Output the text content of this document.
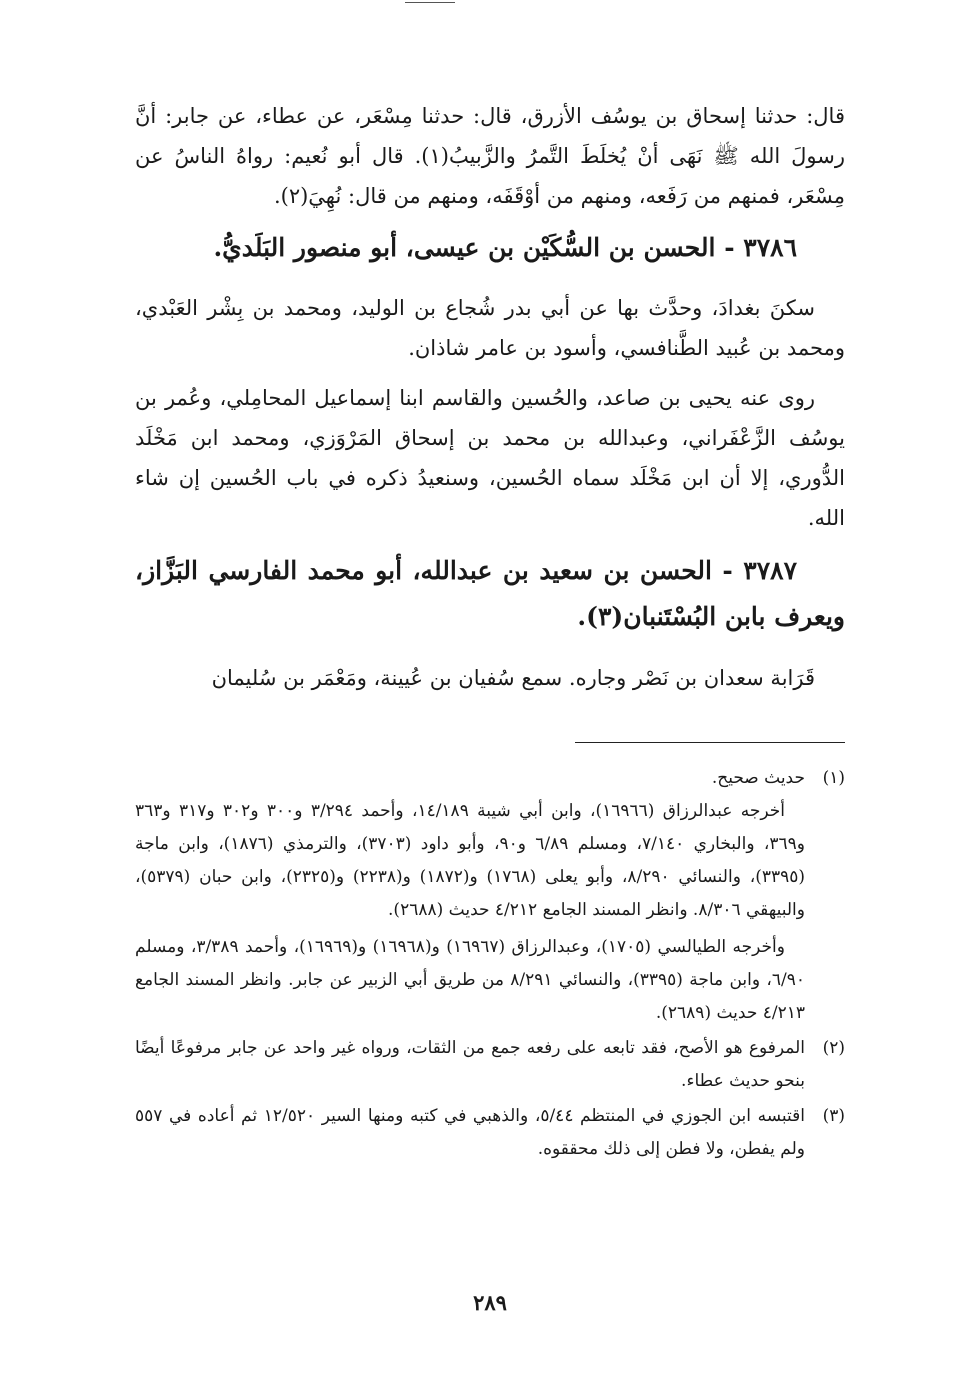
قال: حدثنا إسحاق بن يوسُف الأزرق، قال: حدثنا مِسْعَر، عن عطاء، عن جابر: أنَّ رسولَ الله ﷺ نَهَى أنْ يُخلَطَ التَّمرُ والزَّبيبُ(١). قال أبو نُعيم: رواهُ الناسُ عن مِسْعَر، فمنهم من رَفَعه، ومنهم من أوْقَفَه، ومنهم من قال: نُهِيَ(٢).

٣٧٨٦ - الحسن بن السُّكَيْن بن عيسى، أبو منصور البَلَديُّ.

سكنَ بغدادَ، وحدَّث بها عن أبي بدر شُجاع بن الوليد، ومحمد بن بِشْر العَبْدي، ومحمد بن عُبيد الطَّنافسي، وأسود بن عامر شاذان.

روى عنه يحيى بن صاعد، والحُسين والقاسم ابنا إسماعيل المحامِلي، وعُمر بن يوسُف الزَّعْفَراني، وعبدالله بن محمد بن إسحاق المَرْوَزي، ومحمد ابن مَخْلَد الدُّوري، إلا أن ابن مَخْلَد سماه الحُسين، وسنعيدُ ذكره في باب الحُسين إن شاء الله.

٣٧٨٧ - الحسن بن سعيد بن عبدالله، أبو محمد الفارسي البَزَّاز، ويعرف بابن البُسْتَنبان(٣).

قَرَابة سعدان بن نَصْر وجاره. سمع سُفيان بن عُيينة، ومَعْمَر بن سُليمان

(١)

حديث صحيح.

أخرجه عبدالرزاق (١٦٩٦٦)، وابن أبي شيبة ١٤/١٨٩، وأحمد ٣/٢٩٤ و٣٠٠ و٣٠٢ و٣١٧ و٣٦٣ و٣٦٩، والبخاري ٧/١٤٠، ومسلم ٦/٨٩ و٩٠، وأبو داود (٣٧٠٣)، والترمذي (١٨٧٦)، وابن ماجة (٣٣٩٥)، والنسائي ٨/٢٩٠، وأبو يعلى (١٧٦٨) و(١٨٧٢) و(٢٢٣٨) و(٢٣٢٥)، وابن حبان (٥٣٧٩)، والبيهقي ٨/٣٠٦. وانظر المسند الجامع ٤/٢١٢ حديث (٢٦٨٨).

وأخرجه الطيالسي (١٧٠٥)، وعبدالرزاق (١٦٩٦٧) و(١٦٩٦٨) و(١٦٩٦٩)، وأحمد ٣/٣٨٩، ومسلم ٦/٩٠، وابن ماجة (٣٣٩٥)، والنسائي ٨/٢٩١ من طريق أبي الزبير عن جابر. وانظر المسند الجامع ٤/٢١٣ حديث (٢٦٨٩).

(٢)

المرفوع هو الأصح، فقد تابعه على رفعه جمع من الثقات، ورواه غير واحد عن جابر مرفوعًا أيضًا بنحو حديث عطاء.

(٣)

اقتبسه ابن الجوزي في المنتظم ٥/٤٤، والذهبي في كتبه ومنها السير ١٢/٥٢٠ ثم أعاده في ٥٥٧ ولم يفطن، ولا فطن إلى ذلك محققوه.

٢٨٩
